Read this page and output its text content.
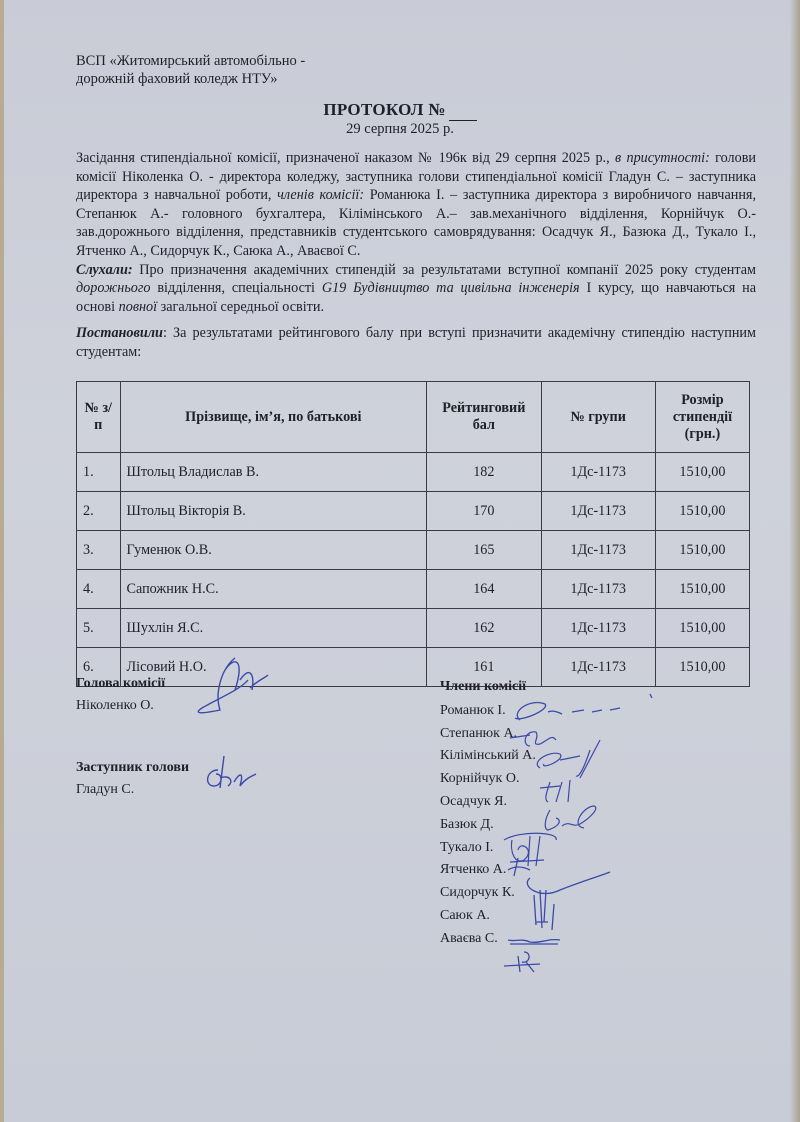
ВСП «Житомирський автомобільно -
дорожній фаховий коледж НТУ»
ПРОТОКОЛ №
29 серпня 2025 р.

Засідання стипендіальної комісії, призначеної наказом № 196к від 29 серпня 2025 р., в присутності: голови комісії Ніколенка О. - директора коледжу, заступника голови стипендіальної комісії Гладун С. – заступника директора з навчальної роботи, членів комісії: Романюка І. – заступника директора з виробничого навчання, Степанюк А.- головного бухгалтера, Кілімінського А.– зав.механічного відділення, Корнійчук О.- зав.дорожнього відділення, представників студентського самоврядування: Осадчук Я., Базюка Д., Тукало І., Ятченко А., Сидорчук К., Саюка А., Аваєвої С.

Слухали: Про призначення академічних стипендій за результатами вступної компанії 2025 року студентам дорожнього відділення, спеціальності G19 Будівництво та цивільна інженерія І курсу, що навчаються на основі повної загальної середньої освіти.

Постановили: За результатами рейтингового балу при вступі призначити академічну стипендію наступним студентам:

№ з/п	Прізвище, ім’я, по батькові	Рейтинговий бал	№ групи	Розмір стипендії (грн.)
1.	Штольц Владислав В.	182	1Дс-1173	1510,00
2.	Штольц Вікторія В.	170	1Дс-1173	1510,00
3.	Гуменюк О.В.	165	1Дс-1173	1510,00
4.	Сапожник Н.С.	164	1Дс-1173	1510,00
5.	Шухлін Я.С.	162	1Дс-1173	1510,00
6.	Лісовий Н.О.	161	1Дс-1173	1510,00
Голова комісії
Ніколенко О.
Заступник голови
Гладун С.
Члени комісії
Романюк І.
Степанюк А.
Кілімінський А.
Корнійчук О.
Осадчук Я.
Базюк Д.
Тукало І.
Ятченко А.
Сидорчук К.
Саюк А.
Аваєва С.
